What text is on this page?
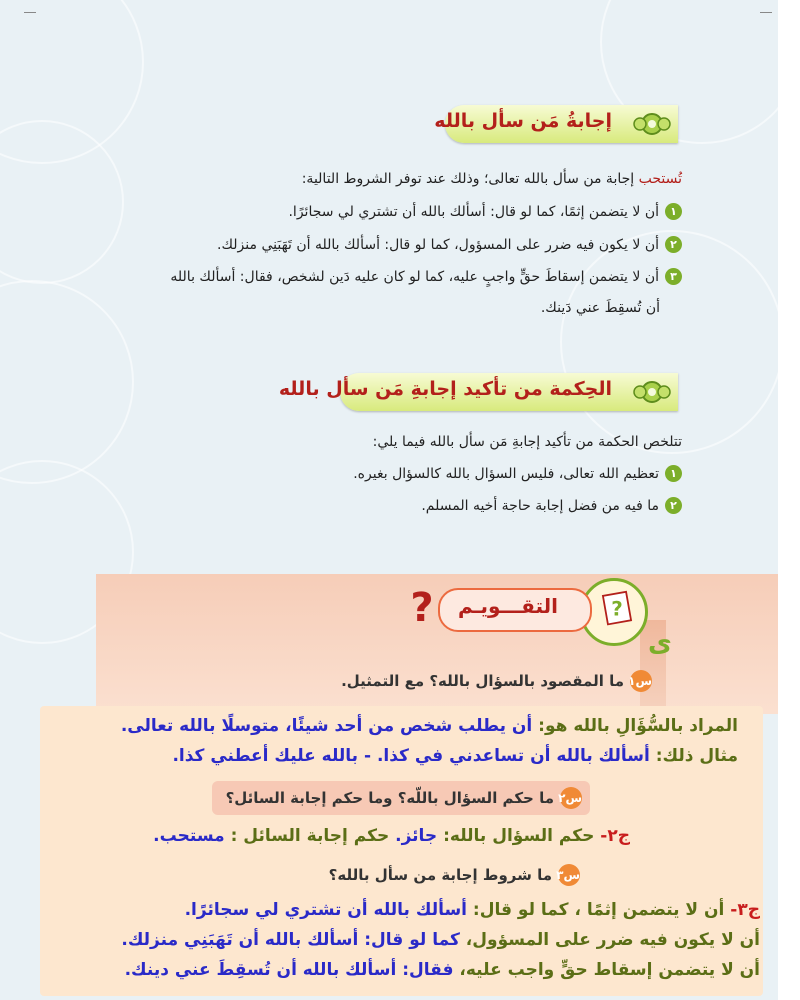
إجابةُ مَن سأل بالله
تُستحب إجابة من سأل بالله تعالى؛ وذلك عند توفر الشروط التالية:
١
أن لا يتضمن إثمًا، كما لو قال: أسألك بالله أن تشتري لي سجائرًا.
٢
أن لا يكون فيه ضرر على المسؤول، كما لو قال: أسألك بالله أن تَهَبَنِي منزلك.
٣
أن لا يتضمن إسقاطَ حقٍّ واجبٍ عليه، كما لو كان عليه دَين لشخص، فقال: أسألك بالله
أن تُسقِطَ عني دَينك.
الحِكمة من تأكيد إجابةِ مَن سأل بالله
تتلخص الحكمة من تأكيد إجابةِ مَن سأل بالله فيما يلي:
١
تعظيم الله تعالى، فليس السؤال بالله كالسؤال بغيره.
٢
ما فيه من فضل إجابة حاجة أخيه المسلم.
ﯼ
?
التقـــويـم
?
س١
ما المقصود بالسؤال بالله؟ مع التمثيل.
المراد بالسُّؤَالِ بالله هو: أن يطلب شخص من أحد شيئًا، متوسلًا بالله تعالى.
مثال ذلك: أسألك بالله أن تساعدني في كذا. - بالله عليك أعطني كذا.
س٢
ما حكم السؤال باللّه؟ وما حكم إجابة السائل؟
ج٢- حكم السؤال بالله: جائز. حكم إجابة السائل : مستحب.
س٣
ما شروط إجابة من سأل بالله؟
ج٣- أن لا يتضمن إثمًا ، كما لو قال: أسألك بالله أن تشتري لي سجائرًا.
أن لا يكون فيه ضرر على المسؤول، كما لو قال: أسألك بالله أن تَهَبَنِي منزلك.
أن لا يتضمن إسقاط حقٍّ واجب عليه، فقال: أسألك بالله أن تُسقِطَ عني دينك.
